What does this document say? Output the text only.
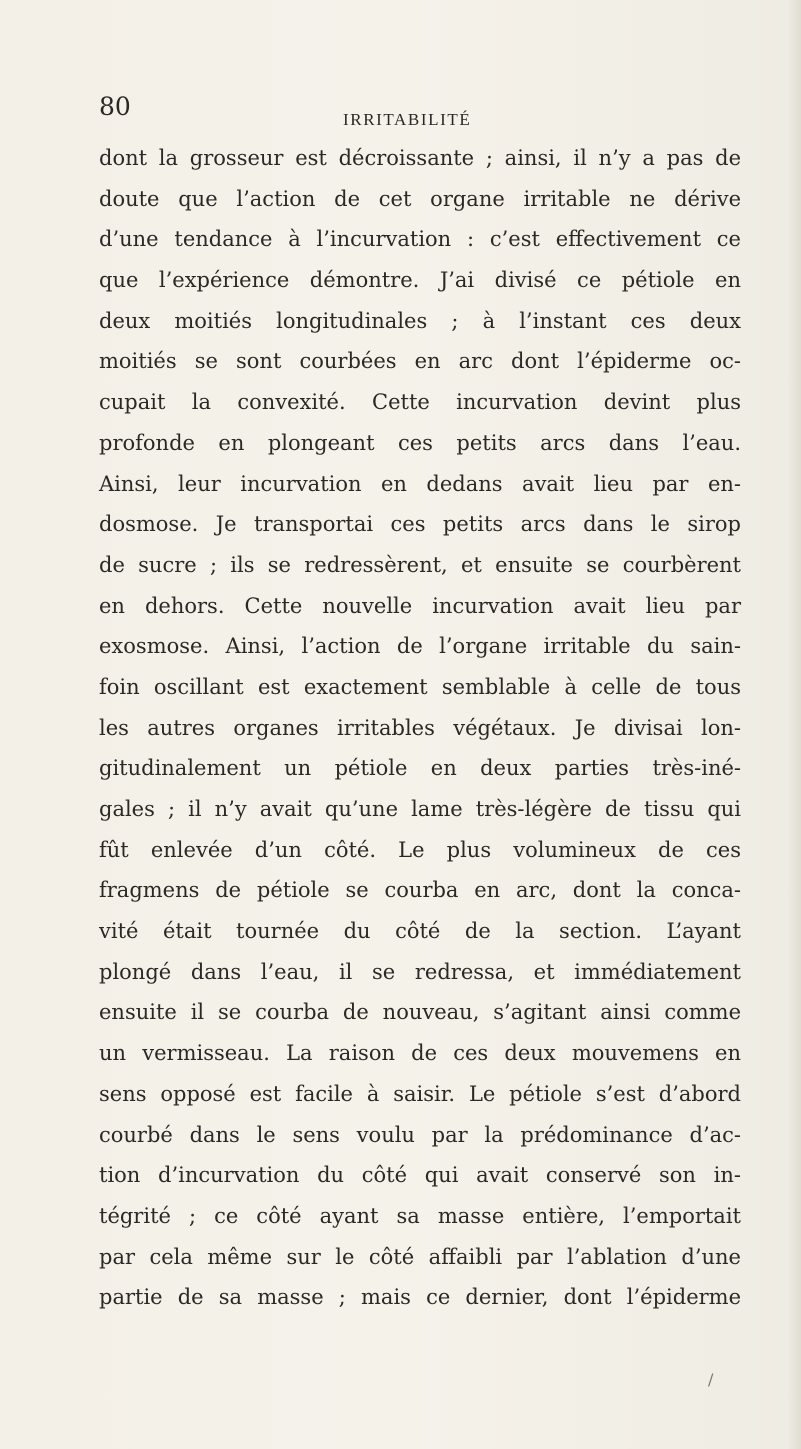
80	IRRITABILITÉ

dont la grosseur est décroissante ; ainsi, il n’y a pas de
doute que l’action de cet organe irritable ne dérive
d’une tendance à l’incurvation : c’est effectivement ce
que l’expérience démontre. J’ai divisé ce pétiole en
deux moitiés longitudinales ; à l’instant ces deux
moitiés se sont courbées en arc dont l’épiderme oc-
cupait la convexité. Cette incurvation devint plus
profonde en plongeant ces petits arcs dans l’eau.
Ainsi, leur incurvation en dedans avait lieu par en-
dosmose. Je transportai ces petits arcs dans le sirop
de sucre ; ils se redressèrent, et ensuite se courbèrent
en dehors. Cette nouvelle incurvation avait lieu par
exosmose. Ainsi, l’action de l’organe irritable du sain-
foin oscillant est exactement semblable à celle de tous
les autres organes irritables végétaux. Je divisai lon-
gitudinalement un pétiole en deux parties très-iné-
gales ; il n’y avait qu’une lame très-légère de tissu qui
fût enlevée d’un côté. Le plus volumineux de ces
fragmens de pétiole se courba en arc, dont la conca-
vité était tournée du côté de la section. L’ayant
plongé dans l’eau, il se redressa, et immédiatement
ensuite il se courba de nouveau, s’agitant ainsi comme
un vermisseau. La raison de ces deux mouvemens en
sens opposé est facile à saisir. Le pétiole s’est d’abord
courbé dans le sens voulu par la prédominance d’ac-
tion d’incurvation du côté qui avait conservé son in-
tégrité ; ce côté ayant sa masse entière, l’emportait
par cela même sur le côté affaibli par l’ablation d’une
partie de sa masse ; mais ce dernier, dont l’épiderme
/
